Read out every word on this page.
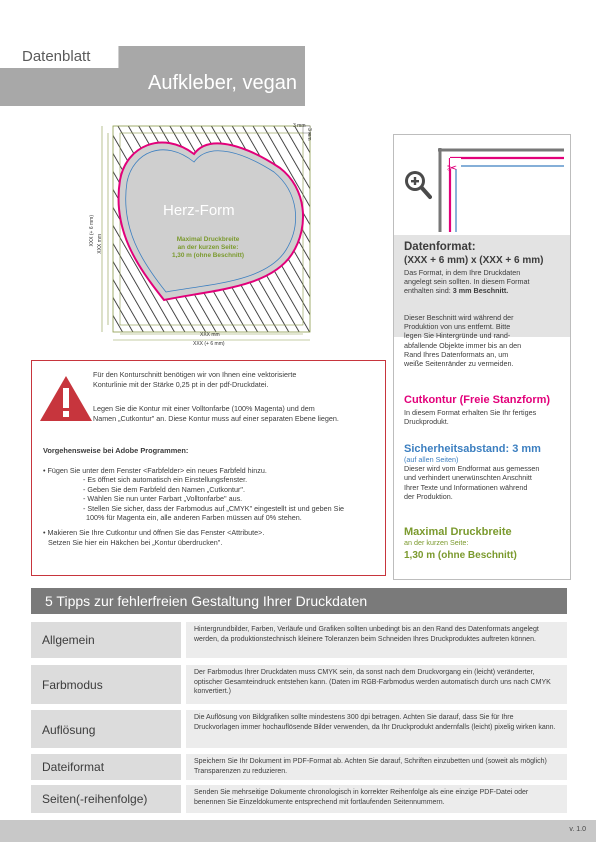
Datenblatt
Aufkleber, vegan
Herz-Form
Maximal Druckbreite
an der kurzen Seite:
1,30 m (ohne Beschnitt)
3 mm
3 mm
XXX (+ 6 mm) XXX mm
XXX mm
XXX (+ 6 mm)
✂
Datenformat:
(XXX + 6 mm) x (XXX + 6 mm)
Das Format, in dem Ihre Druckdaten
angelegt sein sollten. In diesem Format
enthalten sind: 3 mm Beschnitt.
Dieser Beschnitt wird während der
Produktion von uns entfernt. Bitte
legen Sie Hintergründe und rand-
abfallende Objekte immer bis an den
Rand Ihres Datenformats an, um
weiße Seitenränder zu vermeiden.
Cutkontur (Freie Stanzform)
In diesem Format erhalten Sie Ihr fertiges
Druckprodukt.
Sicherheitsabstand: 3 mm
(auf allen Seiten)
Dieser wird vom Endformat aus gemessen
und verhindert unerwünschten Anschnitt
Ihrer Texte und Informationen während
der Produktion.
Maximal Druckbreite
an der kurzen Seite:
1,30 m (ohne Beschnitt)
Für den Konturschnitt benötigen wir von Ihnen eine vektorisierte
Konturlinie mit der Stärke 0,25 pt in der pdf-Druckdatei.
Legen Sie die Kontur mit einer Volltonfarbe (100% Magenta) und dem
Namen „Cutkontur" an. Diese Kontur muss auf einer separaten Ebene liegen.
Vorgehensweise bei Adobe Programmen:
• Fügen Sie unter dem Fenster <Farbfelder> ein neues Farbfeld hinzu.
- Es öffnet sich automatisch ein Einstellungsfenster.
- Geben Sie dem Farbfeld den Namen „Cutkontur".
- Wählen Sie nun unter Farbart „Volltonfarbe" aus.
- Stellen Sie sicher, dass der Farbmodus auf „CMYK" eingestellt ist und geben Sie
100% für Magenta ein, alle anderen Farben müssen auf 0% stehen.
• Makieren Sie Ihre Cutkontur und öffnen Sie das Fenster <Attribute>.
Setzen Sie hier ein Häkchen bei „Kontur überdrucken".
5 Tipps zur fehlerfreien Gestaltung Ihrer Druckdaten
Allgemein
Hintergrundbilder, Farben, Verläufe und Grafiken sollten unbedingt bis an den Rand des Datenformats angelegt werden, da produktionstechnisch kleinere Toleranzen beim Schneiden Ihres Druckproduktes auftreten können.
Farbmodus
Der Farbmodus Ihrer Druckdaten muss CMYK sein, da sonst nach dem Druckvorgang ein (leicht) veränderter, optischer Gesamteindruck entstehen kann. (Daten im RGB-Farbmodus werden automatisch durch uns nach CMYK konvertiert.)
Auflösung
Die Auflösung von Bildgrafiken sollte mindestens 300 dpi betragen. Achten Sie darauf, dass Sie für Ihre Druckvorlagen immer hochauflösende Bilder verwenden, da Ihr Druckprodukt andernfalls (leicht) pixelig wirken kann.
Dateiformat	Speichern Sie Ihr Dokument im PDF-Format ab. Achten Sie darauf, Schriften einzubetten und (soweit als möglich) Transparenzen zu reduzieren.
Seiten(-reihenfolge)	Senden Sie mehrseitige Dokumente chronologisch in korrekter Reihenfolge als eine einzige PDF-Datei oder benennen Sie Einzeldokumente entsprechend mit fortlaufenden Seitennummern.
v. 1.0
